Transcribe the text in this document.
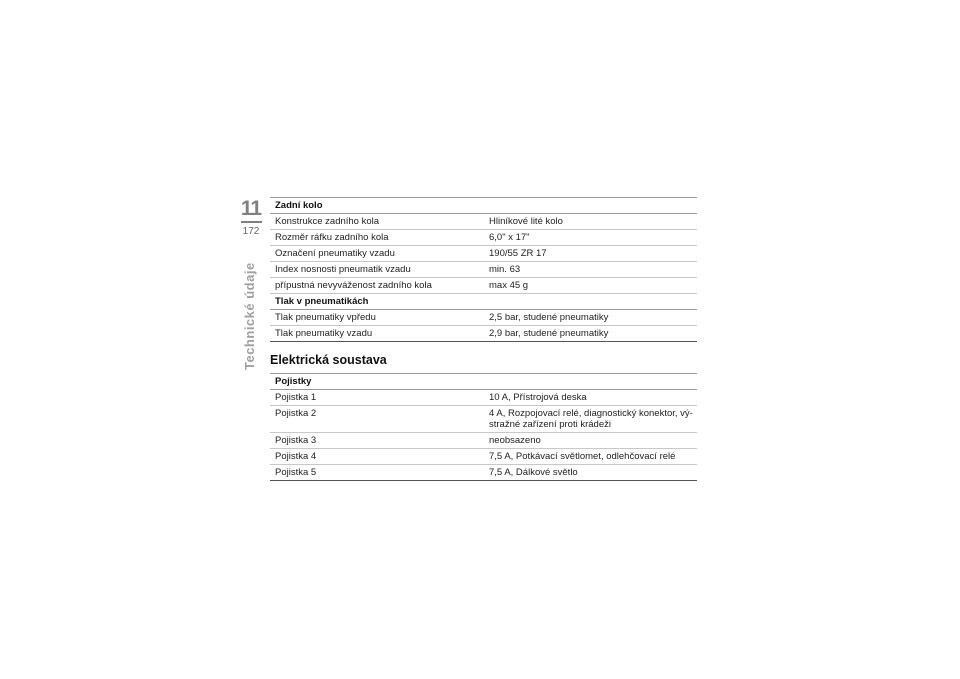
11
172
Technické údaje
Zadní kolo	
Konstrukce zadního kola	Hliníkové lité kolo
Rozměr ráfku zadního kola	6,0" x 17"
Označení pneumatiky vzadu	190/55 ZR 17
Index nosnosti pneumatik vzadu	min. 63
přípustná nevyváženost zadního kola	max 45 g
Tlak v pneumatikách	
Tlak pneumatiky vpředu	2,5 bar, studené pneumatiky
Tlak pneumatiky vzadu	2,9 bar, studené pneumatiky
Elektrická soustava
Pojistky	
Pojistka 1	10 A, Přístrojová deska
Pojistka 2	4 A, Rozpojovací relé, diagnostický konektor, vý-
stražné zařízení proti krádeži
Pojistka 3	neobsazeno
Pojistka 4	7,5 A, Potkávací světlomet, odlehčovací relé
Pojistka 5	7,5 A, Dálkové světlo
